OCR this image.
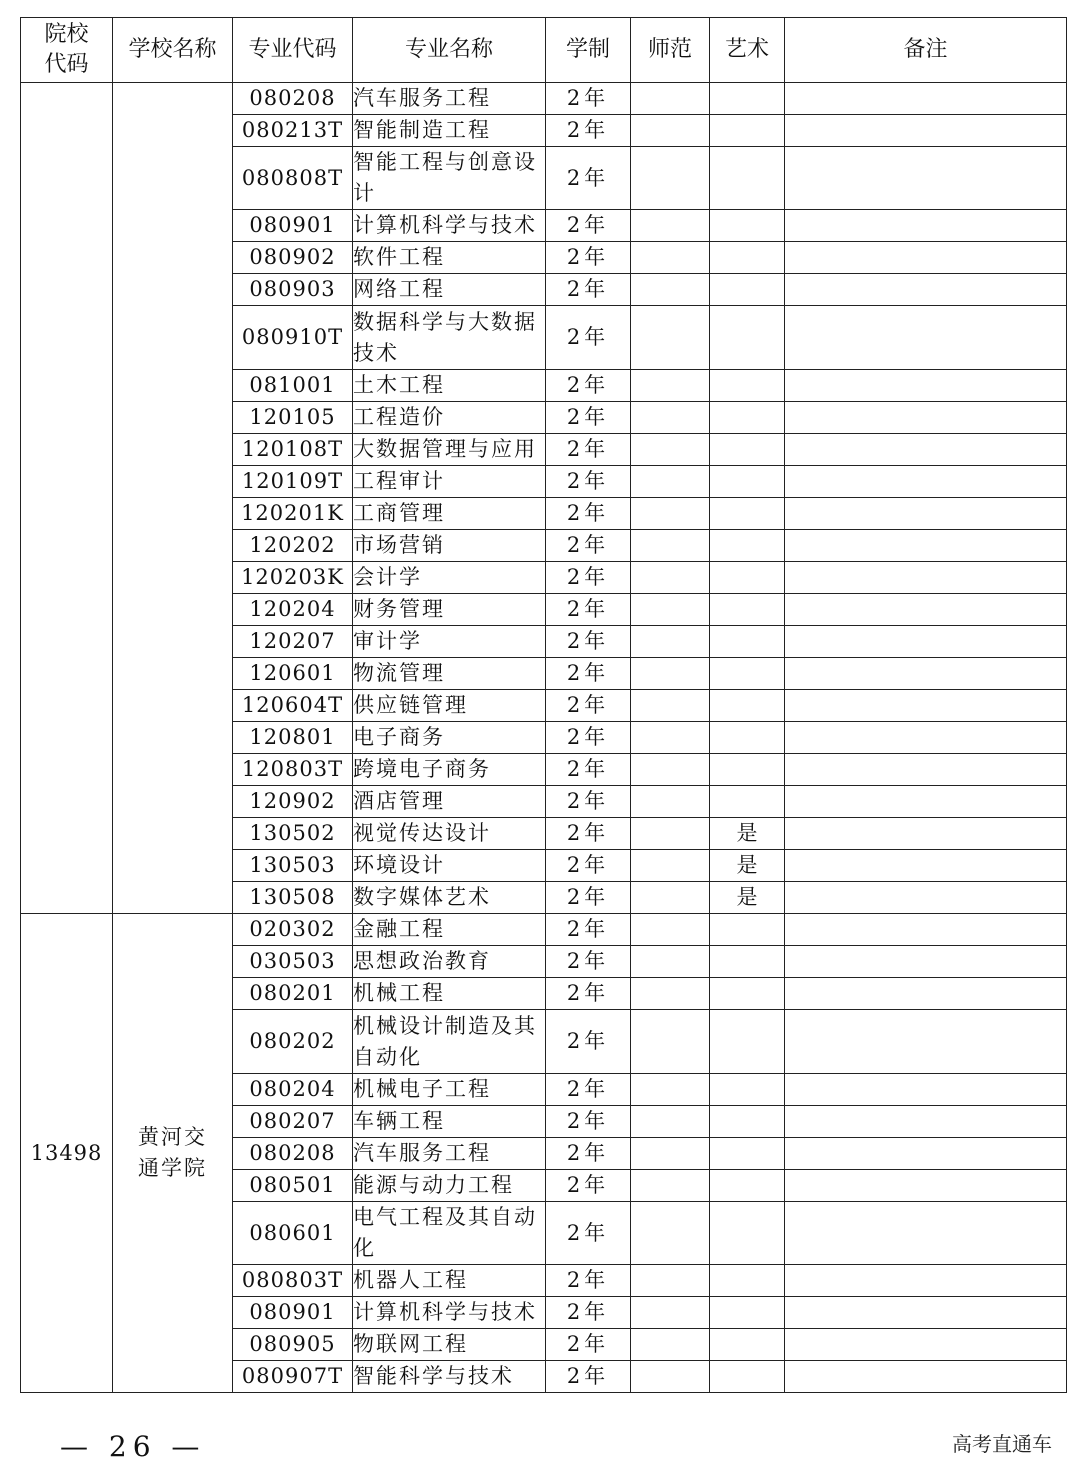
院校代码	学校名称	专业代码	专业名称	学制	师范	艺术	备注
		080208	汽车服务工程	2年			
		080213T	智能制造工程	2年			
		080808T	智能工程与创意设计	2年			
		080901	计算机科学与技术	2年			
		080902	软件工程	2年			
		080903	网络工程	2年			
		080910T	数据科学与大数据技术	2年			
		081001	土木工程	2年			
		120105	工程造价	2年			
		120108T	大数据管理与应用	2年			
		120109T	工程审计	2年			
		120201K	工商管理	2年			
		120202	市场营销	2年			
		120203K	会计学	2年			
		120204	财务管理	2年			
		120207	审计学	2年			
		120601	物流管理	2年			
		120604T	供应链管理	2年			
		120801	电子商务	2年			
		120803T	跨境电子商务	2年			
		120902	酒店管理	2年			
		130502	视觉传达设计	2年		是	
		130503	环境设计	2年		是	
		130508	数字媒体艺术	2年		是	
13498	黄河交通学院	020302	金融工程	2年			
		030503	思想政治教育	2年			
		080201	机械工程	2年			
		080202	机械设计制造及其自动化	2年			
		080204	机械电子工程	2年			
		080207	车辆工程	2年			
		080208	汽车服务工程	2年			
		080501	能源与动力工程	2年			
		080601	电气工程及其自动化	2年			
		080803T	机器人工程	2年			
		080901	计算机科学与技术	2年			
		080905	物联网工程	2年			
		080907T	智能科学与技术	2年			
— 26 —	高考直通车
